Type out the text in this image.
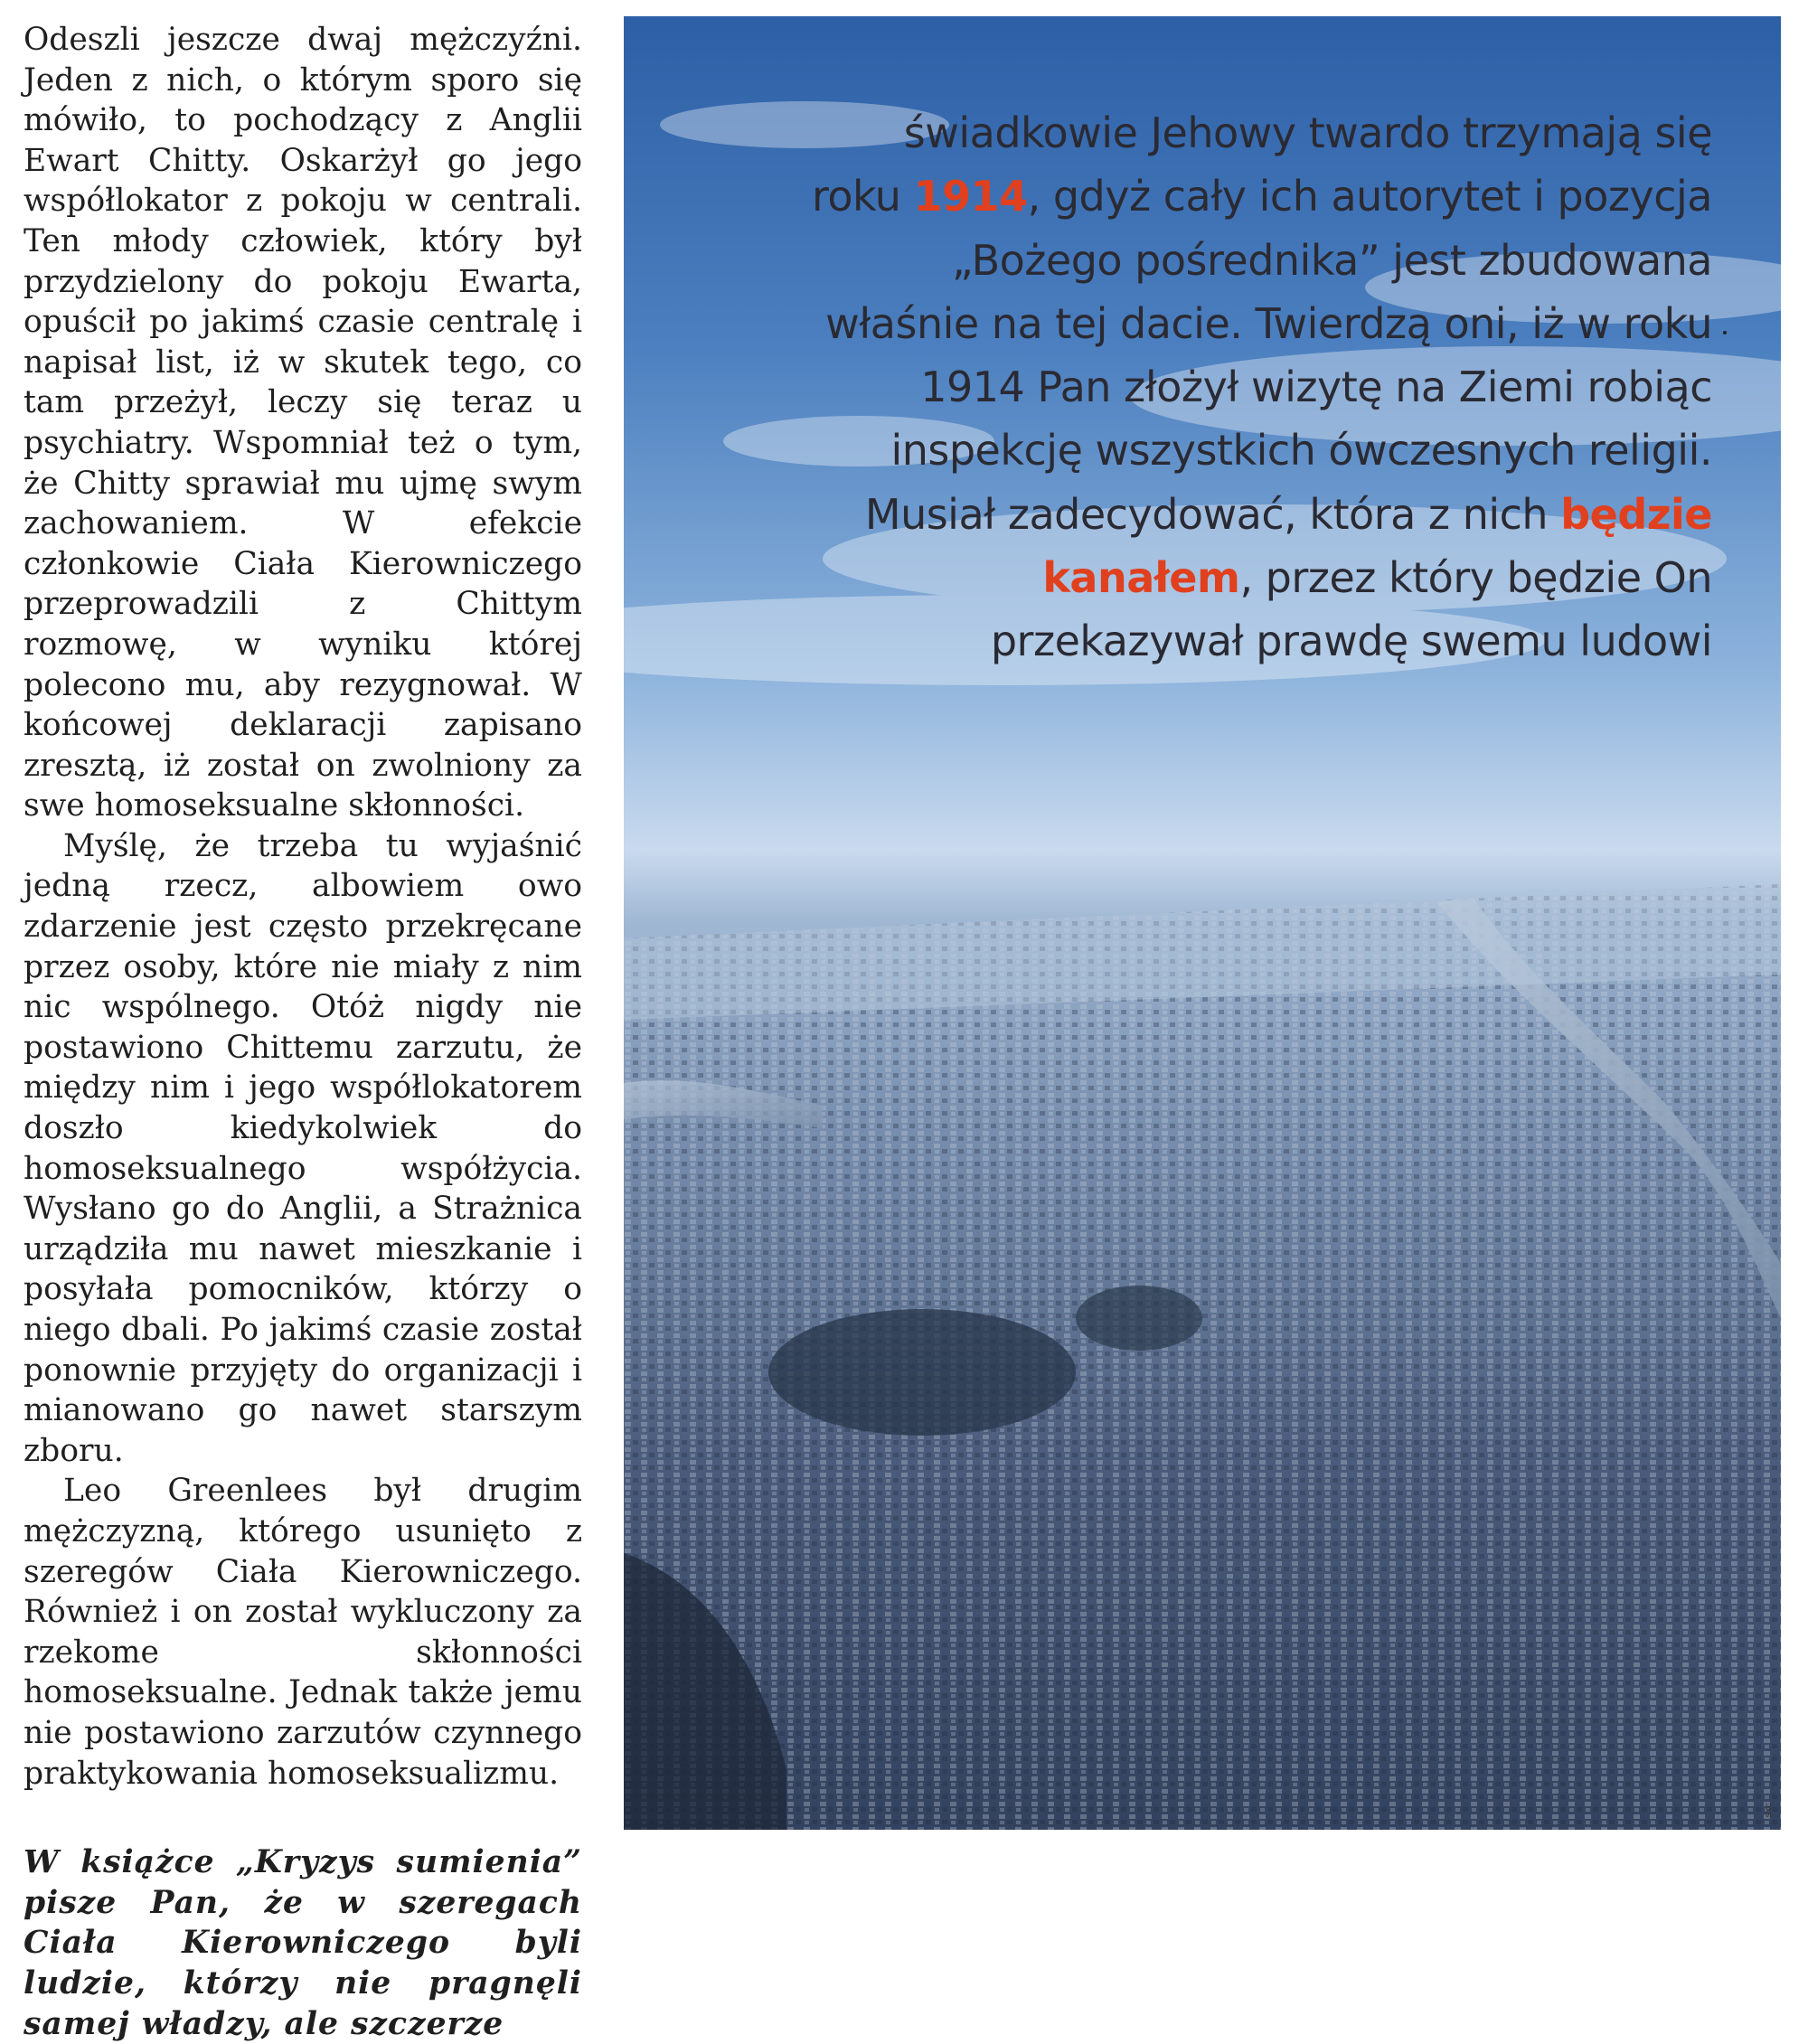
Odeszli jeszcze dwaj mężczyźni. Jeden z nich, o którym sporo się mówiło, to pochodzący z Anglii Ewart Chitty. Oskarżył go jego współlokator z pokoju w centrali. Ten młody człowiek, który był przydzielony do pokoju Ewarta, opuścił po jakimś czasie centralę i napisał list, iż w skutek tego, co tam przeżył, leczy się teraz u psychiatry. Wspomniał też o tym, że Chitty sprawiał mu ujmę swym zachowaniem. W efekcie członkowie Ciała Kierowniczego przeprowadzili z Chittym rozmowę, w wyniku której polecono mu, aby rezygnował. W końcowej deklaracji zapisano zresztą, iż został on zwolniony za swe homoseksualne skłonności.

Myślę, że trzeba tu wyjaśnić jedną rzecz, albowiem owo zdarzenie jest często przekręcane przez osoby, które nie miały z nim nic wspólnego. Otóż nigdy nie postawiono Chittemu zarzutu, że między nim i jego współlokatorem doszło kiedykolwiek do homoseksualnego współżycia. Wysłano go do Anglii, a Strażnica urządziła mu nawet mieszkanie i posyłała pomocników, którzy o niego dbali. Po jakimś czasie został ponownie przyjęty do organizacji i mianowano go nawet starszym zboru.

Leo Greenlees był drugim mężczyzną, którego usunięto z szeregów Ciała Kierowniczego. Również i on został wykluczony za rzekome skłonności homoseksualne. Jednak także jemu nie postawiono zarzutów czynnego praktykowania homoseksualizmu.

W książce „Kryzys sumienia” pisze Pan, że w szeregach Ciała Kierowniczego byli ludzie, którzy nie pragnęli samej władzy, ale szczerze

świadkowie Jehowy twardo trzymają się roku 1914, gdyż cały ich autorytet i pozycja „Bożego pośrednika” jest zbudowana właśnie na tej dacie. Twierdzą oni, iż w roku 1914 Pan złożył wizytę na Ziemi robiąc inspekcję wszystkich ówczesnych religii. Musiał zadecydować, która z nich będzie kanałem, przez który będzie On przekazywał prawdę swemu ludowi
sxc
